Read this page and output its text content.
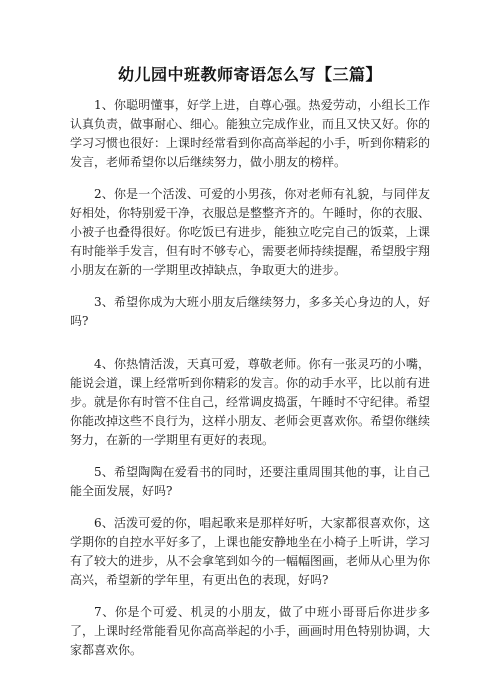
幼儿园中班教师寄语怎么写【三篇】

1、你聪明懂事，好学上进，自尊心强。热爱劳动，小组长工作认真负责，做事耐心、细心。能独立完成作业，而且又快又好。你的学习习惯也很好：上课时经常看到你高高举起的小手，听到你精彩的发言，老师希望你以后继续努力，做小朋友的榜样。

2、你是一个活泼、可爱的小男孩，你对老师有礼貌，与同伴友好相处，你特别爱干净，衣服总是整整齐齐的。午睡时，你的衣服、小被子也叠得很好。你吃饭已有进步，能独立吃完自己的饭菜，上课有时能举手发言，但有时不够专心，需要老师持续提醒，希望殷宇翔小朋友在新的一学期里改掉缺点，争取更大的进步。

3、希望你成为大班小朋友后继续努力，多多关心身边的人，好吗?

4、你热情活泼，天真可爱，尊敬老师。你有一张灵巧的小嘴，能说会道，课上经常听到你精彩的发言。你的动手水平，比以前有进步。就是你有时管不住自己，经常调皮捣蛋，午睡时不守纪律。希望你能改掉这些不良行为，这样小朋友、老师会更喜欢你。希望你继续努力，在新的一学期里有更好的表现。

5、希望陶陶在爱看书的同时，还要注重周围其他的事，让自己能全面发展，好吗?

6、活泼可爱的你，唱起歌来是那样好听，大家都很喜欢你，这学期你的自控水平好多了，上课也能安静地坐在小椅子上听讲，学习有了较大的进步，从不会拿笔到如今的一幅幅图画，老师从心里为你高兴，希望新的学年里，有更出色的表现，好吗?

7、你是个可爱、机灵的小朋友，做了中班小哥哥后你进步多了，上课时经常能看见你高高举起的小手，画画时用色特别协调，大家都喜欢你。
